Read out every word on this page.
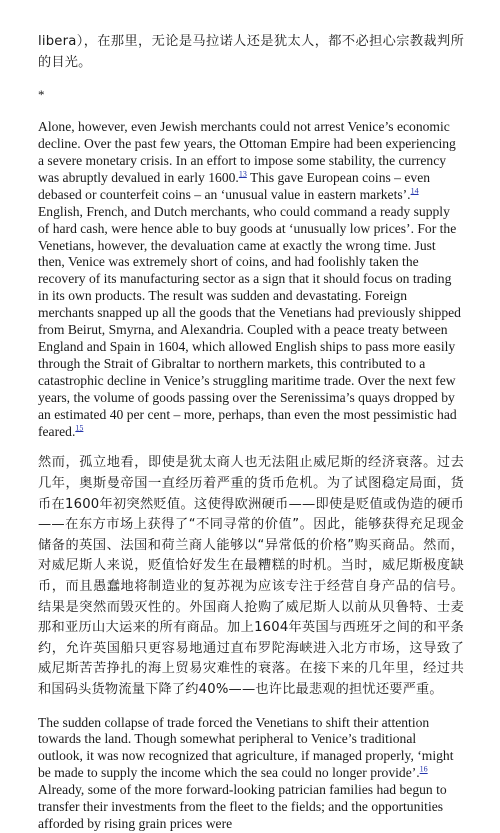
libera），在那里，无论是马拉诺人还是犹太人，都不必担心宗教裁判所的目光。

*

Alone, however, even Jewish merchants could not arrest Venice’s economic decline. Over the past few years, the Ottoman Empire had been experiencing a severe monetary crisis. In an effort to impose some stability, the currency was abruptly devalued in early 1600.13 This gave European coins – even debased or counterfeit coins – an ‘unusual value in eastern markets’.$^{14}$ English, French, and Dutch merchants, who could command a ready supply of hard cash, were hence able to buy goods at ‘unusually low prices’. For the Venetians, however, the devaluation came at exactly the wrong time. Just then, Venice was extremely short of coins, and had foolishly taken the recovery of its manufacturing sector as a sign that it should focus on trading in its own products. The result was sudden and devastating. Foreign merchants snapped up all the goods that the Venetians had previously shipped from Beirut, Smyrna, and Alexandria. Coupled with a peace treaty between England and Spain in 1604, which allowed English ships to pass more easily through the Strait of Gibraltar to northern markets, this contributed to a catastrophic decline in Venice’s struggling maritime trade. Over the next few years, the volume of goods passing over the Serenissima’s quays dropped by an estimated 40 per cent – more, perhaps, than even the most pessimistic had feared.$^{15}$

然而，孤立地看，即使是犹太商人也无法阻止威尼斯的经济衰落。过去几年，奥斯曼帝国一直经历着严重的货币危机。为了试图稳定局面，货币在1600年初突然贬值。这使得欧洲硬币——即使是贬值或伪造的硬币——在东方市场上获得了“不同寻常的价值”。因此，能够获得充足现金储备的英国、法国和荷兰商人能够以“异常低的价格”购买商品。然而，对威尼斯人来说，贬值恰好发生在最糟糕的时机。当时，威尼斯极度缺币，而且愚蠢地将制造业的复苏视为应该专注于经营自身产品的信号。结果是突然而毁灭性的。外国商人抢购了威尼斯人以前从贝鲁特、士麦那和亚历山大运来的所有商品。加上1604年英国与西班牙之间的和平条约，允许英国船只更容易地通过直布罗陀海峡进入北方市场，这导致了威尼斯苦苦挣扎的海上贸易灾难性的衰落。在接下来的几年里，经过共和国码头货物流量下降了约40%——也许比最悲观的担忧还要严重。

The sudden collapse of trade forced the Venetians to shift their attention towards the land. Though somewhat peripheral to Venice’s traditional outlook, it was now recognized that agriculture, if managed properly, ‘might be made to supply the income which the sea could no longer provide’.$^{16}$ Already, some of the more forward-looking patrician families had begun to transfer their investments from the fleet to the fields; and the opportunities afforded by rising grain prices were
